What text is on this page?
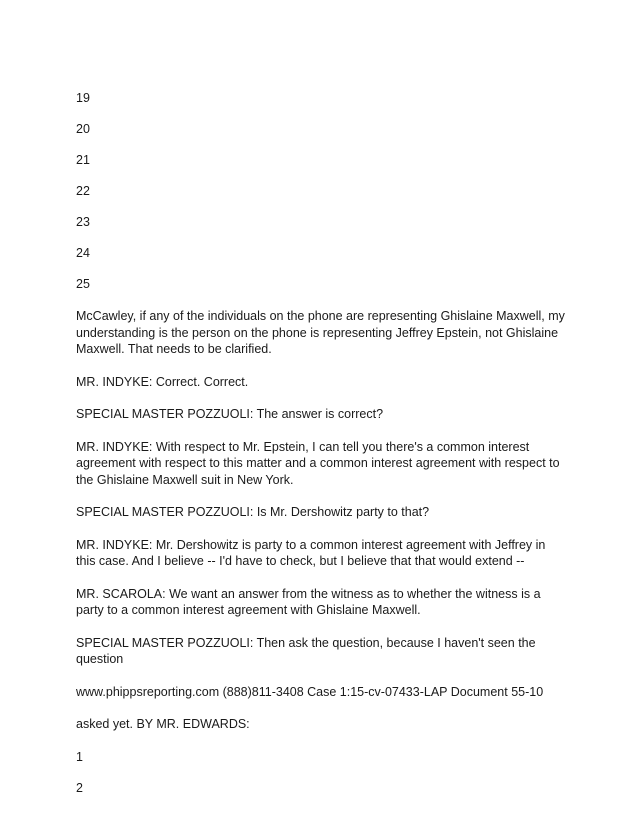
19
20
21
22
23
24
25

McCawley, if any of the individuals on the phone are representing Ghislaine Maxwell, my understanding is the person on the phone is representing Jeffrey Epstein, not Ghislaine Maxwell. That needs to be clarified.

MR. INDYKE: Correct. Correct.

SPECIAL MASTER POZZUOLI: The answer is correct?

MR. INDYKE: With respect to Mr. Epstein, I can tell you there's a common interest agreement with respect to this matter and a common interest agreement with respect to the Ghislaine Maxwell suit in New York.

SPECIAL MASTER POZZUOLI: Is Mr. Dershowitz party to that?

MR. INDYKE: Mr. Dershowitz is party to a common interest agreement with Jeffrey in this case. And I believe -- I'd have to check, but I believe that that would extend --

MR. SCAROLA: We want an answer from the witness as to whether the witness is a party to a common interest agreement with Ghislaine Maxwell.

SPECIAL MASTER POZZUOLI: Then ask the question, because I haven't seen the question

www.phippsreporting.com (888)811-3408 Case 1:15-cv-07433-LAP Document 55-10

asked yet. BY MR. EDWARDS:

1
2
